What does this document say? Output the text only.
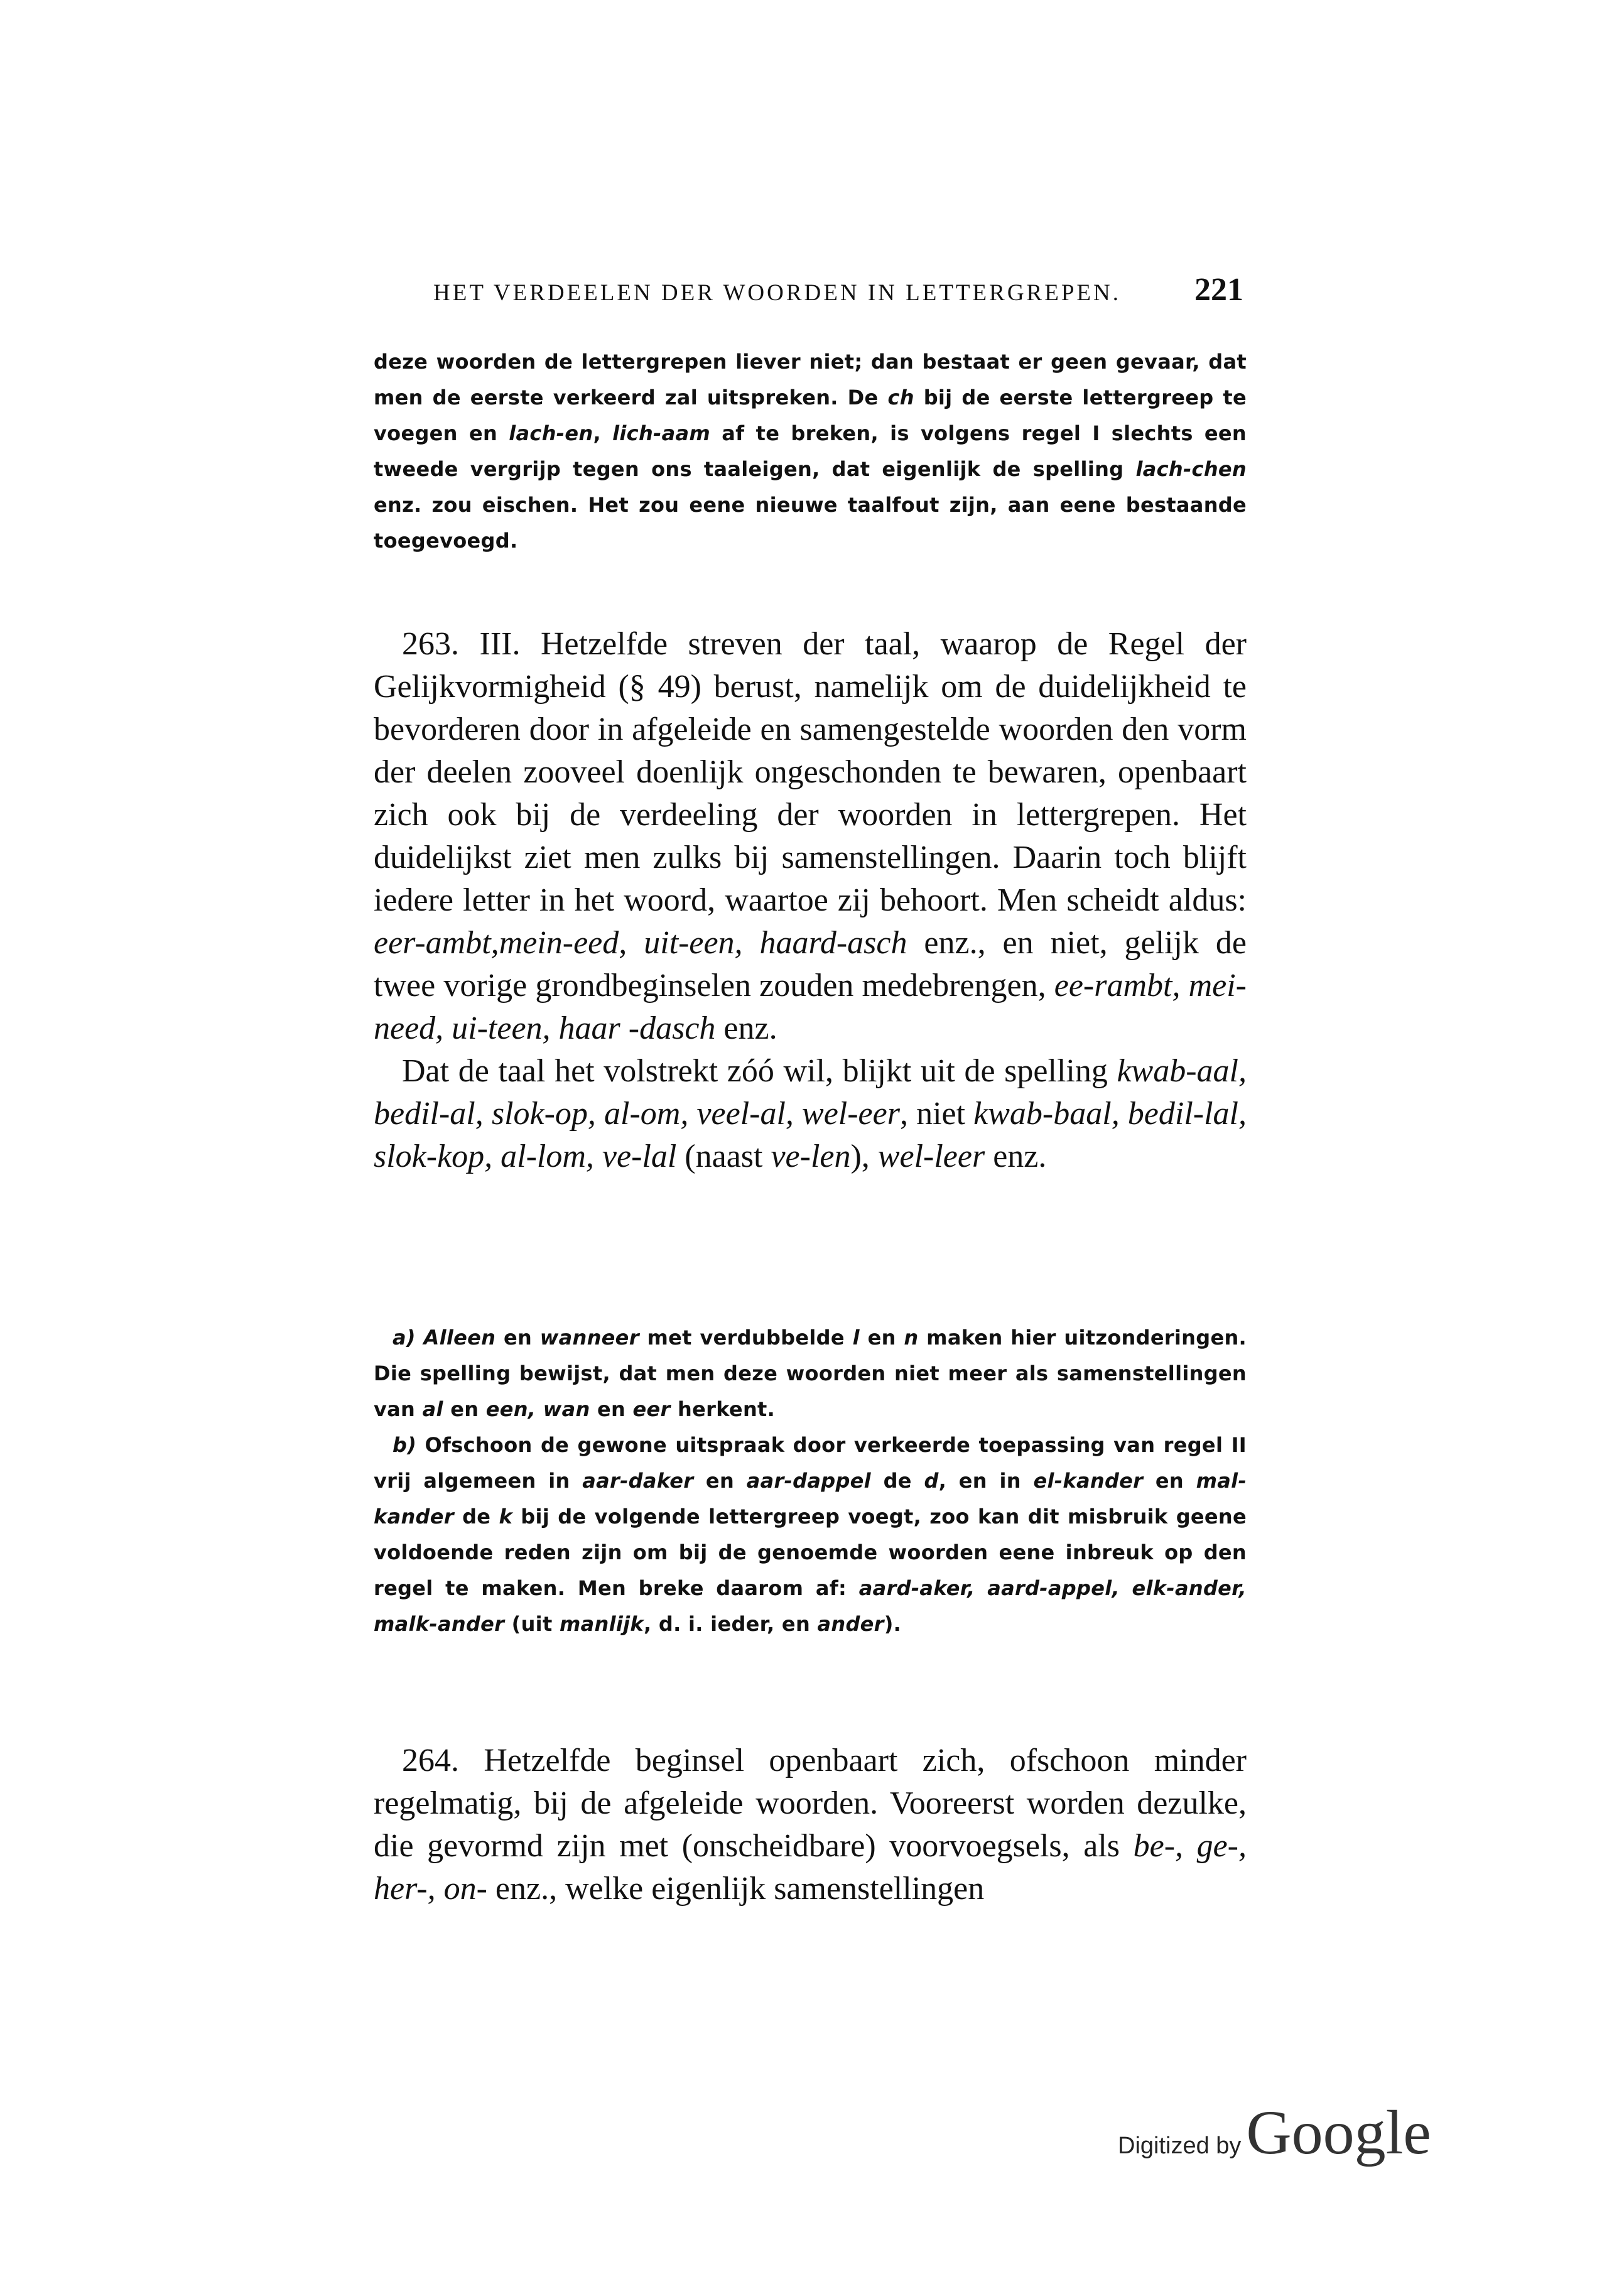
HET VERDEELEN DER WOORDEN IN LETTERGREPEN. 221

deze woorden de lettergrepen liever niet; dan bestaat er geen gevaar, dat men de eerste verkeerd zal uitspreken. De ch bij de eerste lettergreep te voegen en lach-en, lich-aam af te breken, is volgens regel I slechts een tweede vergrijp tegen ons taaleigen, dat eigenlijk de spelling lach-chen enz. zou eischen. Het zou eene nieuwe taalfout zijn, aan eene bestaande toegevoegd.

263. III. Hetzelfde streven der taal, waarop de Regel der Gelijkvormigheid (§ 49) berust, namelijk om de duidelijkheid te bevorderen door in afgeleide en samengestelde woorden den vorm der deelen zooveel doenlijk ongeschonden te bewaren, openbaart zich ook bij de verdeeling der woorden in lettergrepen. Het duidelijkst ziet men zulks bij samenstellingen. Daarin toch blijft iedere letter in het woord, waartoe zij behoort. Men scheidt aldus: eer-ambt,mein-eed, uit-een, haard-asch enz., en niet, gelijk de twee vorige grondbeginselen zouden medebrengen, ee-rambt, mei-need, ui-teen, haar -dasch enz.

Dat de taal het volstrekt zóó wil, blijkt uit de spelling kwab-aal, bedil-al, slok-op, al-om, veel-al, wel-eer, niet kwab-baal, bedil-lal, slok-kop, al-lom, ve-lal (naast ve-len), wel-leer enz.

a) Alleen en wanneer met verdubbelde l en n maken hier uitzonderingen. Die spelling bewijst, dat men deze woorden niet meer als samenstellingen van al en een, wan en eer herkent.

b) Ofschoon de gewone uitspraak door verkeerde toepassing van regel II vrij algemeen in aar-daker en aar-dappel de d, en in el-kander en mal-kander de k bij de volgende lettergreep voegt, zoo kan dit misbruik geene voldoende reden zijn om bij de genoemde woorden eene inbreuk op den regel te maken. Men breke daarom af: aard-aker, aard-appel, elk-ander, malk-ander (uit manlijk, d. i. ieder, en ander).

264. Hetzelfde beginsel openbaart zich, ofschoon minder regelmatig, bij de afgeleide woorden. Vooreerst worden dezulke, die gevormd zijn met (onscheidbare) voorvoegsels, als be-, ge-, her-, on- enz., welke eigenlijk samenstellingen

Digitized by Google
